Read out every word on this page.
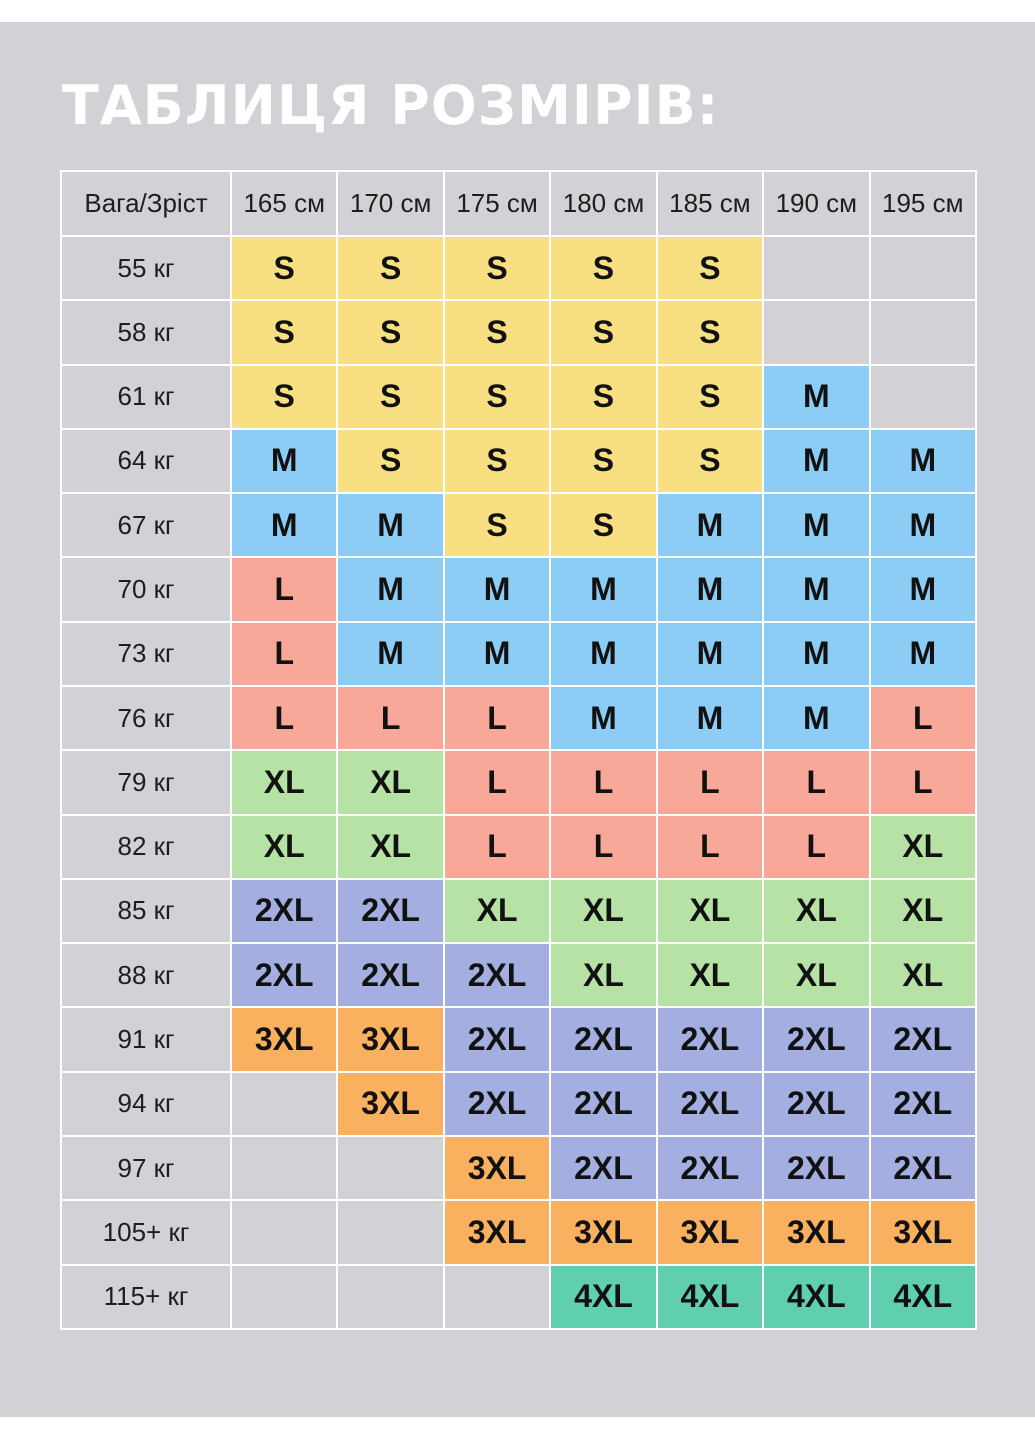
ТАБЛИЦЯ РОЗМІРІВ:
Вага/Зріст	165 см	170 см	175 см	180 см	185 см	190 см	195 см
55 кг	S	S	S	S	S		
58 кг	S	S	S	S	S		
61 кг	S	S	S	S	S	M	
64 кг	M	S	S	S	S	M	M
67 кг	M	M	S	S	M	M	M
70 кг	L	M	M	M	M	M	M
73 кг	L	M	M	M	M	M	M
76 кг	L	L	L	M	M	M	L
79 кг	XL	XL	L	L	L	L	L
82 кг	XL	XL	L	L	L	L	XL
85 кг	2XL	2XL	XL	XL	XL	XL	XL
88 кг	2XL	2XL	2XL	XL	XL	XL	XL
91 кг	3XL	3XL	2XL	2XL	2XL	2XL	2XL
94 кг		3XL	2XL	2XL	2XL	2XL	2XL
97 кг			3XL	2XL	2XL	2XL	2XL
105+ кг			3XL	3XL	3XL	3XL	3XL
115+ кг				4XL	4XL	4XL	4XL
